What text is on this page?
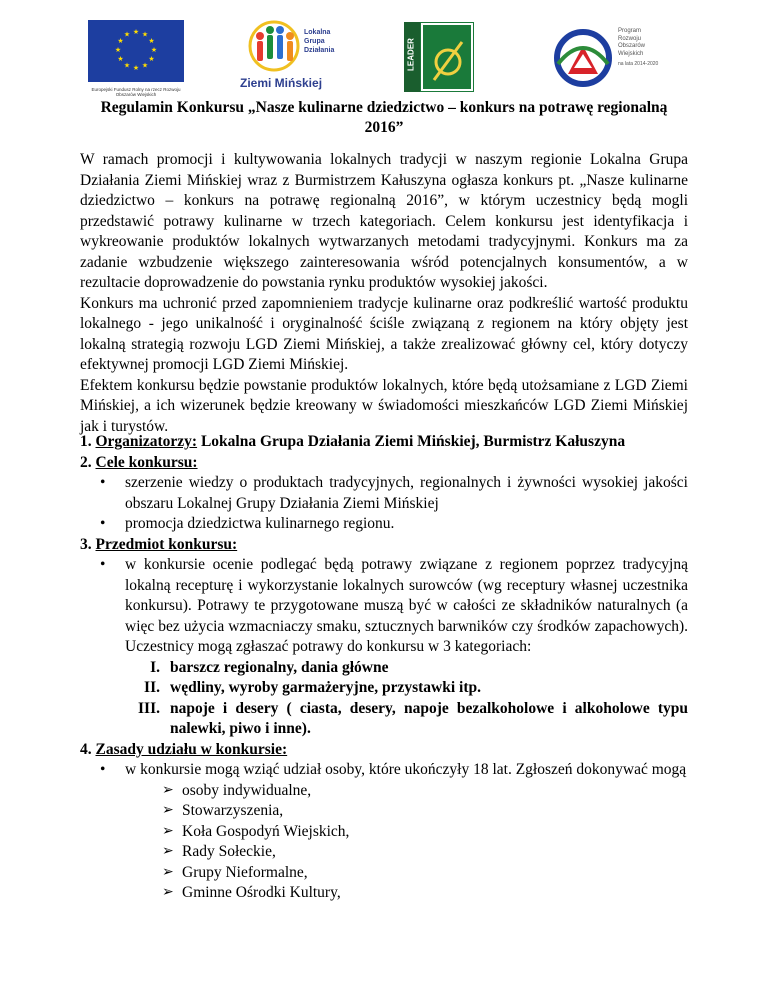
★ ★
★
★
★
★
★
★
★
★
★
★
Europejski Fundusz Rolny na rzecz Rozwoju Obszarów Wiejskich
Lokalna
Grupa
Działania
Ziemi Mińskiej
LEADER
Program
Rozwoju
Obszarów
Wiejskich
na lata 2014-2020
Regulamin Konkursu „Nasze kulinarne dziedzictwo – konkurs na potrawę regionalną 2016”

W ramach promocji i kultywowania lokalnych tradycji w naszym regionie Lokalna Grupa Działania Ziemi Mińskiej wraz z Burmistrzem Kałuszyna ogłasza konkurs pt. „Nasze kulinarne dziedzictwo – konkurs na potrawę regionalną 2016”, w którym uczestnicy będą mogli przedstawić potrawy kulinarne w trzech kategoriach. Celem konkursu jest identyfikacja i wykreowanie produktów lokalnych wytwarzanych metodami tradycyjnymi. Konkurs ma za zadanie wzbudzenie większego zainteresowania wśród potencjalnych konsumentów, a w rezultacie doprowadzenie do powstania rynku produktów wysokiej jakości.

Konkurs ma uchronić przed zapomnieniem tradycje kulinarne oraz podkreślić wartość produktu lokalnego - jego unikalność i oryginalność ściśle związaną z regionem na który objęty jest lokalną strategią rozwoju LGD Ziemi Mińskiej, a także zrealizować główny cel, który dotyczy efektywnej promocji LGD Ziemi Mińskiej.

Efektem konkursu będzie powstanie produktów lokalnych, które będą utożsamiane z LGD Ziemi Mińskiej, a ich wizerunek będzie kreowany w świadomości mieszkańców LGD Ziemi Mińskiej jak i turystów.

1. Organizatorzy: Lokalna Grupa Działania Ziemi Mińskiej, Burmistrz Kałuszyna

2. Cele konkursu:

• szerzenie wiedzy o produktach tradycyjnych, regionalnych i żywności wysokiej jakości obszaru Lokalnej Grupy Działania Ziemi Mińskiej
• promocja dziedzictwa kulinarnego regionu.

3. Przedmiot konkursu:

• w konkursie ocenie podlegać będą potrawy związane z regionem poprzez tradycyjną lokalną recepturę i wykorzystanie lokalnych surowców (wg receptury własnej uczestnika konkursu). Potrawy te przygotowane muszą być w całości ze składników naturalnych (a więc bez użycia wzmacniaczy smaku, sztucznych barwników czy środków zapachowych). Uczestnicy mogą zgłaszać potrawy do konkursu w 3 kategoriach:
I. barszcz regionalny, dania główne
II. wędliny, wyroby garmażeryjne, przystawki itp.
III. napoje i desery ( ciasta, desery, napoje bezalkoholowe i alkoholowe typu nalewki, piwo i inne).

4. Zasady udziału w konkursie:

• w konkursie mogą wziąć udział osoby, które ukończyły 18 lat. Zgłoszeń dokonywać mogą
➢ osoby indywidualne,
➢ Stowarzyszenia,
➢ Koła Gospodyń Wiejskich,
➢ Rady Sołeckie,
➢ Grupy Nieformalne,
➢ Gminne Ośrodki Kultury,
